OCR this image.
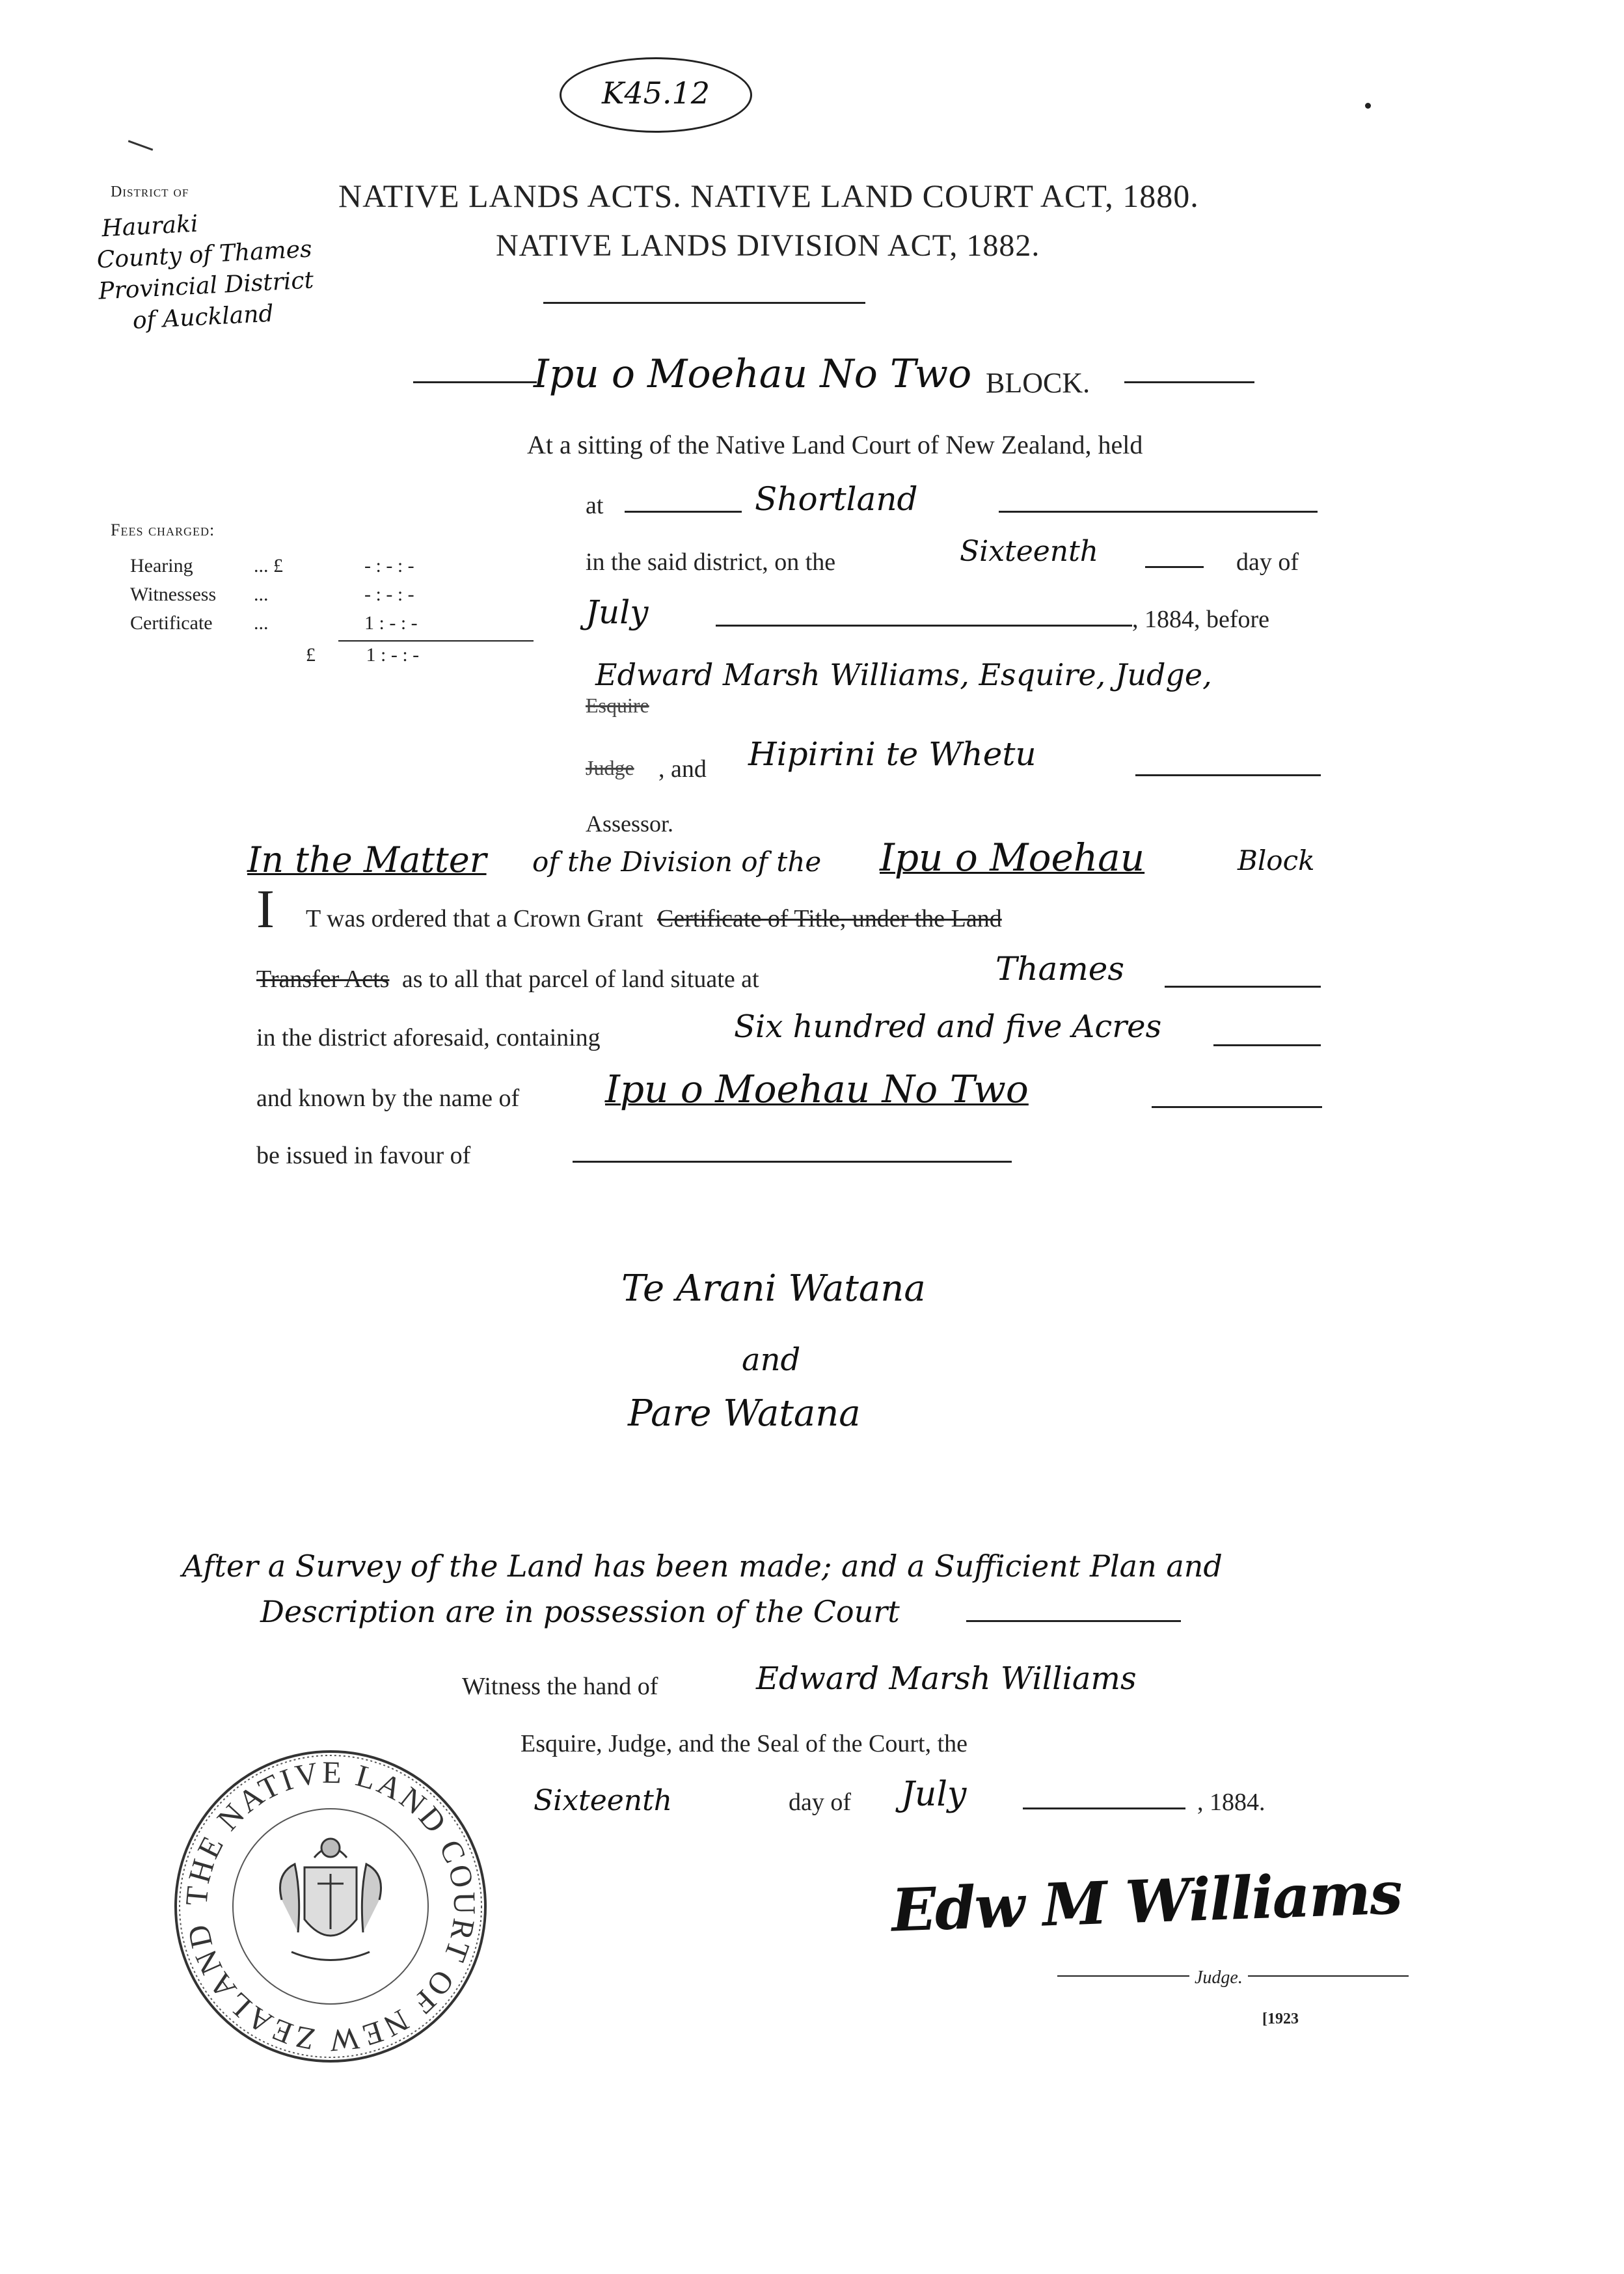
K45.12
District of
Hauraki
County of Thames
Provincial District
of Auckland
NATIVE LANDS ACTS. NATIVE LAND COURT ACT, 1880.
NATIVE LANDS DIVISION ACT, 1882.
Ipu o Moehau No Two BLOCK.
At a sitting of the Native Land Court of New Zealand, held
at	Shortland
Fees charged:
Hearing	... £	- : - : -
Witnessess	...	- : - : -
Certificate	...	1 : - : -
£	1 : - : -
in the said district, on the	Sixteenth	day of
July	, 1884, before
Edward Marsh Williams, Esquire, Judge,
Esquire
Judge , and Hipirini te Whetu
Assessor.
In the Matter of the Division of the Ipu o Moehau	Block
I T was ordered that a Crown Grant Certificate of Title, under the Land
Transfer Acts as to all that parcel of land situate at	Thames
in the district aforesaid, containing	Six hundred and five Acres
and known by the name of Ipu o Moehau No Two
be issued in favour of
Te Arani Watana
and
Pare Watana
After a Survey of the Land has been made; and a Sufficient Plan and
Description are in possession of the Court
Witness the hand of	Edward Marsh Williams
Esquire, Judge, and the Seal of the Court, the
Sixteenth	day of July	, 1884.
THE NATIVE LAND COURT OF NEW ZEALAND	Edw M Williams
Judge.
[1923
